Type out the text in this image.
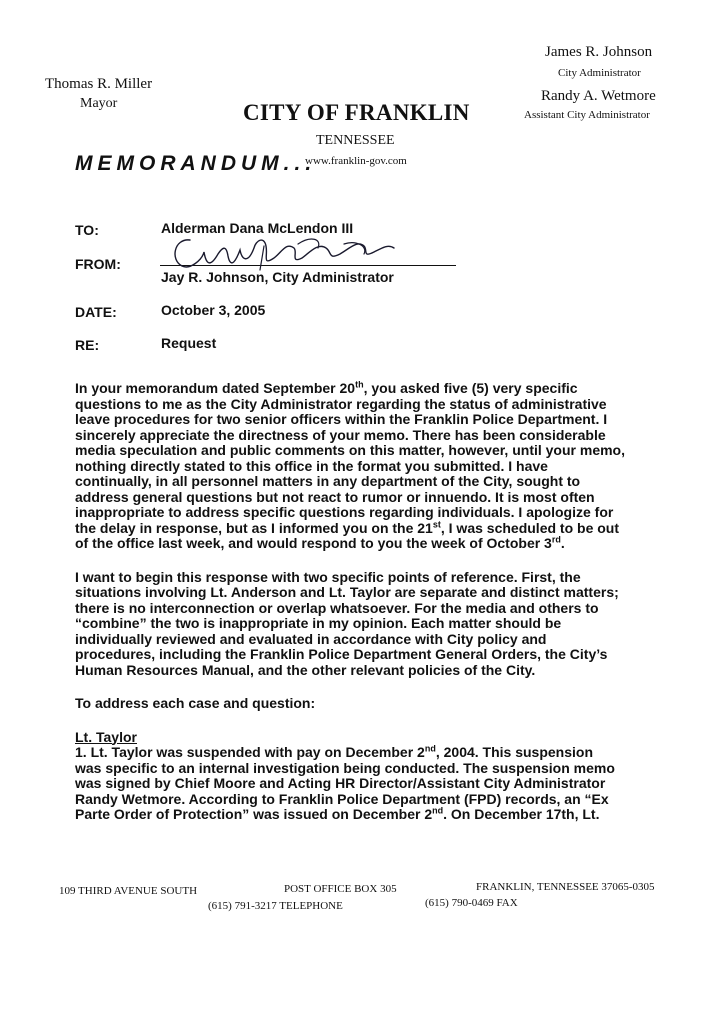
Thomas R. Miller
Mayor	CITY OF FRANKLIN
TENNESSEE
James R. Johnson
City Administrator
Randy A. Wetmore
Assistant City Administrator
MEMORANDUM...
www.franklin-gov.com
TO:	Alderman Dana McLendon III
FROM:
Jay R. Johnson, City Administrator
DATE:	October 3, 2005
RE:	Request

In your memorandum dated September 20th, you asked five (5) very specific

questions to me as the City Administrator regarding the status of administrative

leave procedures for two senior officers within the Franklin Police Department. I

sincerely appreciate the directness of your memo. There has been considerable

media speculation and public comments on this matter, however, until your memo,

nothing directly stated to this office in the format you submitted. I have

continually, in all personnel matters in any department of the City, sought to

address general questions but not react to rumor or innuendo. It is most often

inappropriate to address specific questions regarding individuals. I apologize for

the delay in response, but as I informed you on the 21st, I was scheduled to be out

of the office last week, and would respond to you the week of October 3rd.

I want to begin this response with two specific points of reference. First, the

situations involving Lt. Anderson and Lt. Taylor are separate and distinct matters;

there is no interconnection or overlap whatsoever. For the media and others to

“combine” the two is inappropriate in my opinion. Each matter should be

individually reviewed and evaluated in accordance with City policy and

procedures, including the Franklin Police Department General Orders, the City’s

Human Resources Manual, and the other relevant policies of the City.

To address each case and question:

Lt. Taylor

1. Lt. Taylor was suspended with pay on December 2nd, 2004. This suspension

was specific to an internal investigation being conducted. The suspension memo

was signed by Chief Moore and Acting HR Director/Assistant City Administrator

Randy Wetmore. According to Franklin Police Department (FPD) records, an “Ex

Parte Order of Protection” was issued on December 2nd. On December 17th, Lt.

109 THIRD AVENUE SOUTH	POST OFFICE BOX 305	FRANKLIN, TENNESSEE 37065-0305
(615) 791-3217 TELEPHONE	(615) 790-0469 FAX
